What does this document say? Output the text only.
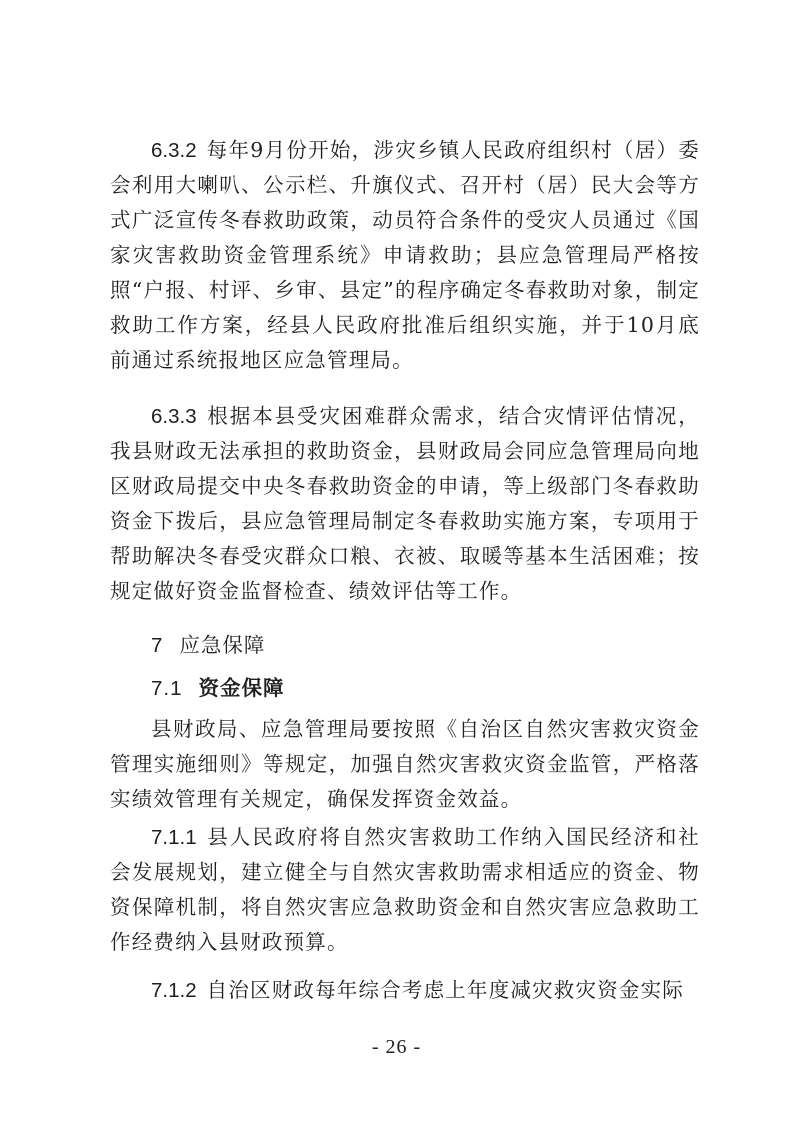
6.3.2 每年9月份开始，涉灾乡镇人民政府组织村（居）委会利用大喇叭、公示栏、升旗仪式、召开村（居）民大会等方式广泛宣传冬春救助政策，动员符合条件的受灾人员通过《国家灾害救助资金管理系统》申请救助；县应急管理局严格按照“户报、村评、乡审、县定”的程序确定冬春救助对象，制定救助工作方案，经县人民政府批准后组织实施，并于10月底前通过系统报地区应急管理局。

6.3.3 根据本县受灾困难群众需求，结合灾情评估情况，我县财政无法承担的救助资金，县财政局会同应急管理局向地区财政局提交中央冬春救助资金的申请，等上级部门冬春救助资金下拨后，县应急管理局制定冬春救助实施方案，专项用于帮助解决冬春受灾群众口粮、衣被、取暖等基本生活困难；按规定做好资金监督检查、绩效评估等工作。

7 应急保障

7.1 资金保障

县财政局、应急管理局要按照《自治区自然灾害救灾资金管理实施细则》等规定，加强自然灾害救灾资金监管，严格落实绩效管理有关规定，确保发挥资金效益。

7.1.1 县人民政府将自然灾害救助工作纳入国民经济和社会发展规划，建立健全与自然灾害救助需求相适应的资金、物资保障机制，将自然灾害应急救助资金和自然灾害应急救助工作经费纳入县财政预算。

7.1.2 自治区财政每年综合考虑上年度减灾救灾资金实际

- 26 -
